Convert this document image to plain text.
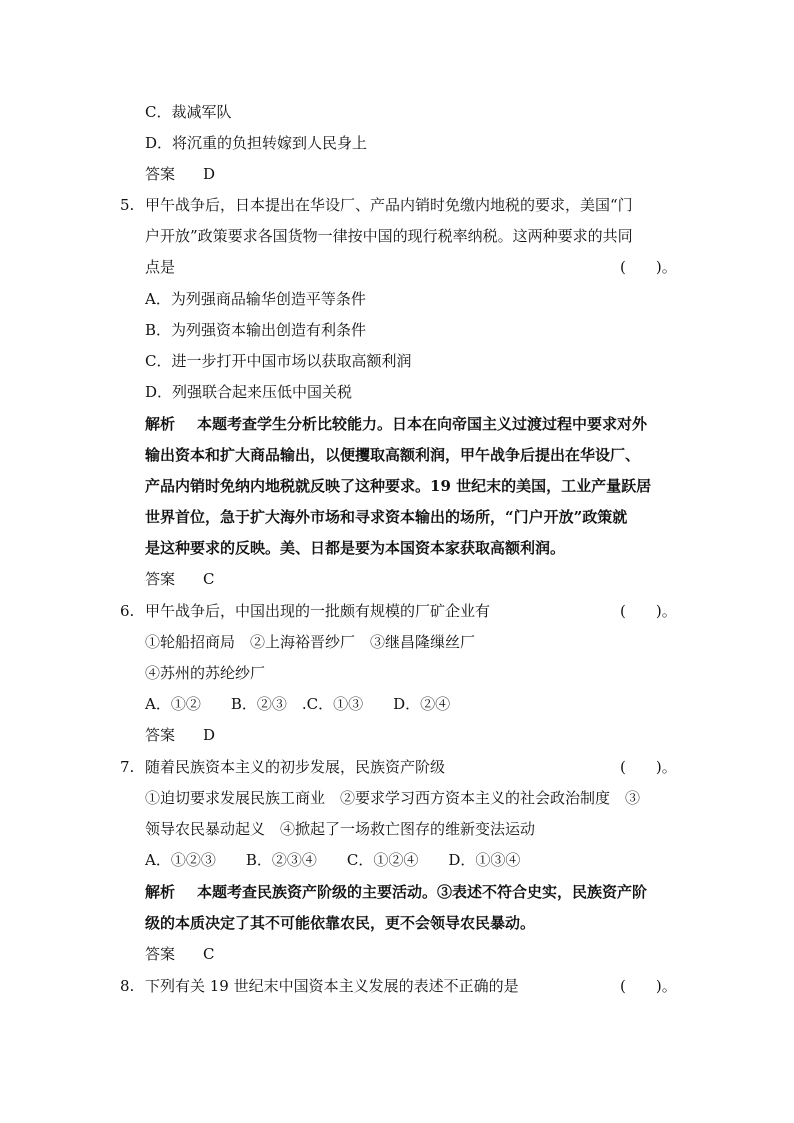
C．裁减军队
D．将沉重的负担转嫁到人民身上
答案 D
5. 甲午战争后，日本提出在华设厂、产品内销时免缴内地税的要求，美国“门
户开放”政策要求各国货物一律按中国的现行税率纳税。这两种要求的共同
点是	(　　)。
A．为列强商品输华创造平等条件
B．为列强资本输出创造有利条件
C．进一步打开中国市场以获取高额利润
D．列强联合起来压低中国关税
解析 本题考查学生分析比较能力。日本在向帝国主义过渡过程中要求对外
输出资本和扩大商品输出，以便攫取高额利润，甲午战争后提出在华设厂、
产品内销时免纳内地税就反映了这种要求。19 世纪末的美国，工业产量跃居
世界首位，急于扩大海外市场和寻求资本输出的场所，“门户开放”政策就
是这种要求的反映。美、日都是要为本国资本家获取高额利润。
答案 C
6. 甲午战争后，中国出现的一批颇有规模的厂矿企业有	(　　)。
①轮船招商局　②上海裕晋纱厂　③继昌隆缫丝厂
④苏州的苏纶纱厂
A．①②　　B．②③　.C．①③　　D．②④
答案 D
7. 随着民族资本主义的初步发展，民族资产阶级	(　　)。
①迫切要求发展民族工商业　②要求学习西方资本主义的社会政治制度　③
领导农民暴动起义　④掀起了一场救亡图存的维新变法运动
A．①②③　　B．②③④　　C．①②④　　D．①③④
解析 本题考查民族资产阶级的主要活动。③表述不符合史实，民族资产阶
级的本质决定了其不可能依靠农民，更不会领导农民暴动。
答案 C
8. 下列有关 19 世纪末中国资本主义发展的表述不正确的是	(　　)。
